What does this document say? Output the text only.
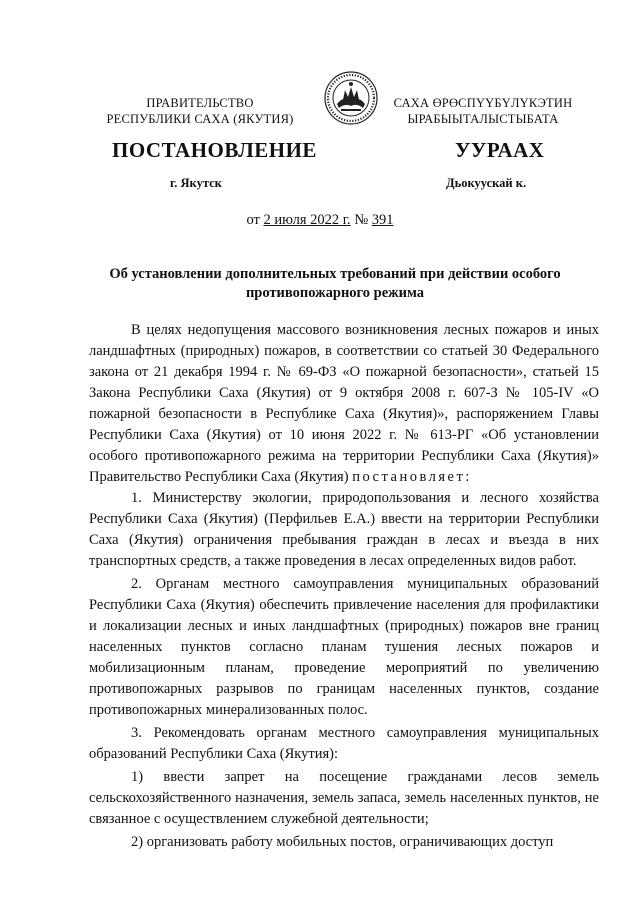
ПРАВИТЕЛЬСТВО
РЕСПУБЛИКИ САХА (ЯКУТИЯ)
САХА ӨРӨСПҮҮБҮЛҮКЭТИН
ЫРАБЫЫТАЛЫСТЫБАТА
ПОСТАНОВЛЕНИЕ	УУРААХ
г. Якутск	Дьокуускай к.
от 2 июля 2022 г. № 391
Об установлении дополнительных требований при действии особого
противопожарного режима

В целях недопущения массового возникновения лесных пожаров и иных ландшафтных (природных) пожаров, в соответствии со статьей 30 Федерального закона от 21 декабря 1994 г. № 69-ФЗ «О пожарной безопасности», статьей 15 Закона Республики Саха (Якутия) от 9 октября 2008 г. 607-З № 105-IV «О пожарной безопасности в Республике Саха (Якутия)», распоряжением Главы Республики Саха (Якутия) от 10 июня 2022 г. № 613-РГ «Об установлении особого противопожарного режима на территории Республики Саха (Якутия)» Правительство Республики Саха (Якутия) постановляет:

1. Министерству экологии, природопользования и лесного хозяйства Республики Саха (Якутия) (Перфильев Е.А.) ввести на территории Республики Саха (Якутия) ограничения пребывания граждан в лесах и въезда в них транспортных средств, а также проведения в лесах определенных видов работ.

2. Органам местного самоуправления муниципальных образований Республики Саха (Якутия) обеспечить привлечение населения для профилактики и локализации лесных и иных ландшафтных (природных) пожаров вне границ населенных пунктов согласно планам тушения лесных пожаров и мобилизационным планам, проведение мероприятий по увеличению противопожарных разрывов по границам населенных пунктов, создание противопожарных минерализованных полос.

3. Рекомендовать органам местного самоуправления муниципальных образований Республики Саха (Якутия):

1) ввести запрет на посещение гражданами лесов земель сельскохозяйственного назначения, земель запаса, земель населенных пунктов, не связанное с осуществлением служебной деятельности;

2) организовать работу мобильных постов, ограничивающих доступ
